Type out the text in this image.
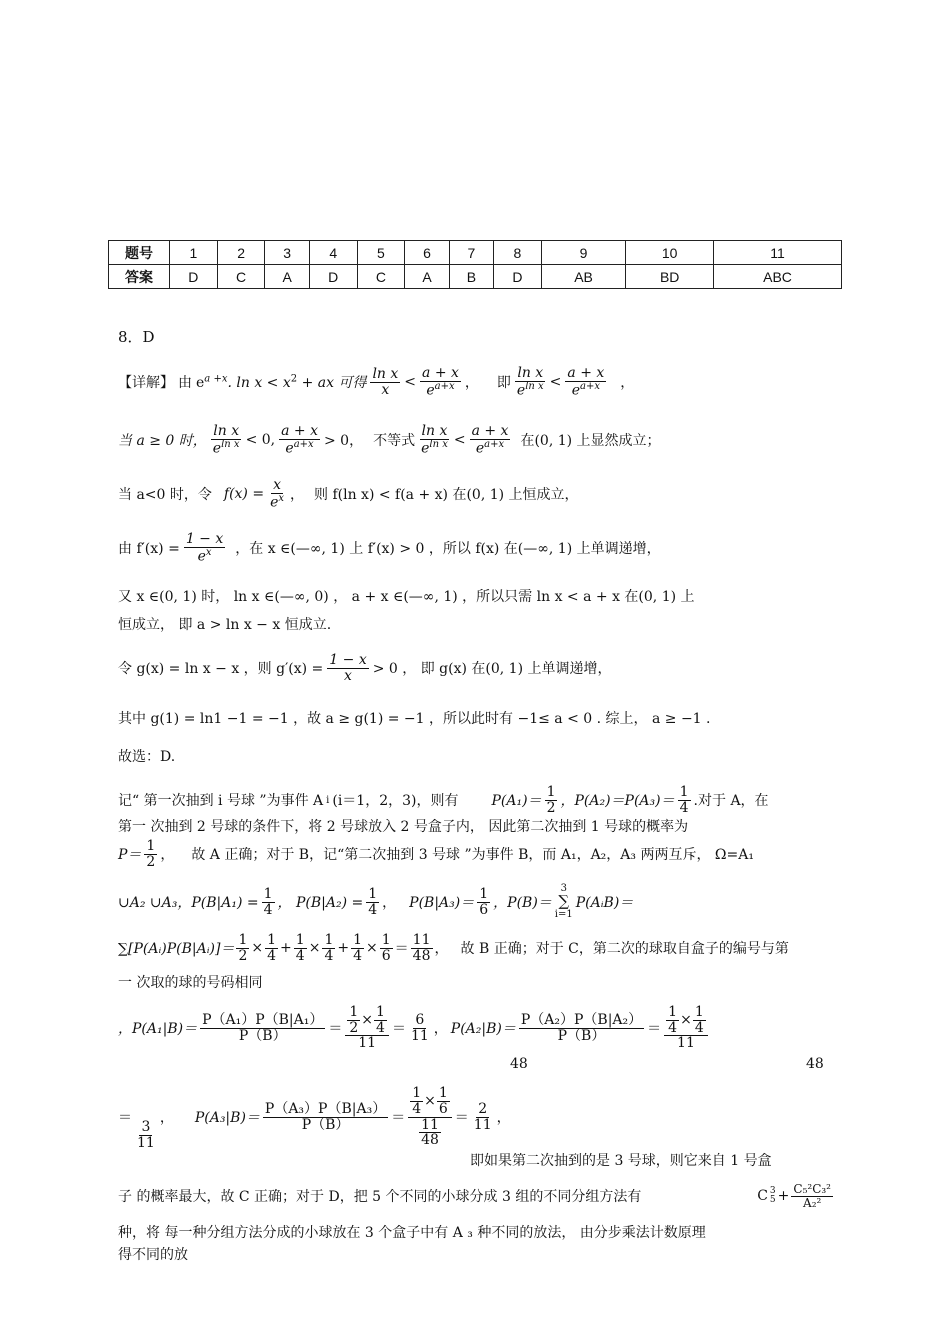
题号	1	2	3	4	5	6	7	8	9	10	11
答案	D	C	A	D	C	A	B	D	AB	BD	ABC
8．D
【详解】 由 $e^{a +x}$. $\ln x < x^2$ + ax 可得 $\frac{\text{ln x}}{x} < \frac{a + x}{e^{a+x}}$ ， 即 $\frac{\text{ln x}}{e^{ln x}} < \frac{a + x}{e^{a+x}}$ ，
当 a ≥ 0 时， $\frac{\text{ln x}}{e^{ln x}} < 0$, $\frac{a + x}{e^{a+x}} > 0$， 不等式 $\frac{\text{ln x}}{e^{ln x}} < \frac{a + x}{e^{a+x}}$ 在(0, 1) 上显然成立；
当 a<0 时，令 $f(x) = \frac{x}{e^x}$ ， 则 f(ln x) < f(a + x) 在(0, 1) 上恒成立，
由 $f'(x) = \frac{1 - x}{e^x}$ ，在 x ∈(—∞, 1) 上 f′(x) > 0 ，所以 f(x) 在(—∞, 1) 上单调递增，
又 x ∈(0, 1) 时， ln x ∈(—∞, 0) ， a + x ∈(—∞, 1) ，所以只需 ln x < a + x 在(0, 1) 上
恒成立， 即 a > ln x − x 恒成立.
令 g(x) = ln x − x ，则 $g'(x) = \frac{1 - x}{x} > 0$ ， 即 g(x) 在(0, 1) 上单调递增，
其中 g(1) = ln1 −1 = −1 ，故 a ≥ g(1) = −1 ，所以此时有 −1≤ a < 0 . 综上， a ≥ −1 .
故选：D.
记“ 第一次抽到 i 号球 ”为事件 A i (i＝1，2，3)，则有 $P(A_1)= \frac{1}{2}$ ，$P(A_2)=P(A_3)= \frac{1}{4}$ .对于 A，在
第一 次抽到 2 号球的条件下，将 2 号球放入 2 号盒子内， 因此第二次抽到 1 号球的概率为
$P= \frac{1}{2}$ ， 故 A 正确；对于 B，记“第二次抽到 3 号球 ”为事件 B，而 A₁，A₂，A₃ 两两互斥， Ω=A₁
∪A₂ ∪A₃，$P(B|A_1) = \frac{1}{4}$ ， $P(B|A_2) = \frac{1}{4}$ ， $P(B|A_3)= \frac{1}{6}$ ，P(B)＝
3
∑
i=1
P(AᵢB)＝
∑[P(Aᵢ)P(B|Aᵢ)]＝ $\frac{1}{2} \times \frac{1}{4} + \frac{1}{4} \times \frac{1}{4} + \frac{1}{4} \times \frac{1}{6} = \frac{11}{48}$ ， 故 B 正确；对于 C，第二次的球取自盒子的编号与第
一 次取的球的号码相同
，$P(A_1|B)= \frac{\text{P（A₁）P（B|A₁）}}{P(B)} = \frac{\frac{1}{2} \times \frac{1}{4}}{11} = \frac{6}{11}$ ， $P(A_2|B)= \frac{\text{P（A₂）P（B|A₂）}}{P(B)} = \frac{\frac{1}{4} \times \frac{1}{4}}{11}$
48	48
＝
$\frac{3}{11}$
， $P(A_3|B)= \frac{\text{P（A₃）P（B|A₃）}}{P(B)} = \frac{\frac{1}{4} \times \frac{1}{6}}{\frac{11}{48}} = \frac{2}{11}$ ，
即如果第二次抽到的是 3 号球，则它来自 1 号盒
子 的概率最大，故 C 正确；对于 D，把 5 个不同的小球分成 3 组的不同分组方法有	C 3
$5 + \frac{\text{C₅²C₃²}}{\text{A₂²}}$
种，将 每一种分组方法分成的小球放在 3 个盒子中有 A ₃ 种不同的放法， 由分步乘法计数原理
得不同的放
